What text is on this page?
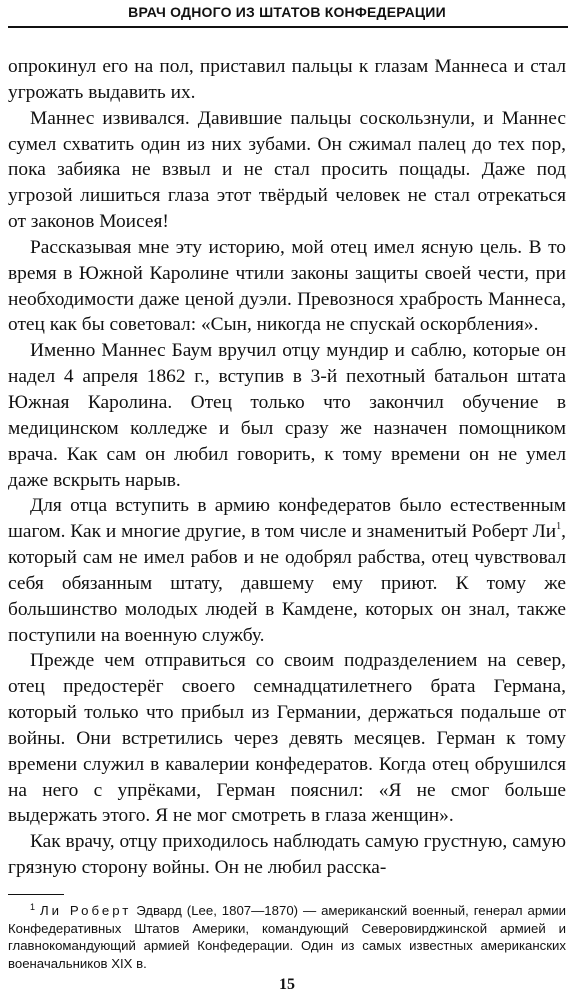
ВРАЧ ОДНОГО ИЗ ШТАТОВ КОНФЕДЕРАЦИИ

опрокинул его на пол, приставил пальцы к глазам Маннеса и стал угрожать выдавить их.

Маннес извивался. Давившие пальцы соскользнули, и Маннес сумел схватить один из них зубами. Он сжимал палец до тех пор, пока забияка не взвыл и не стал просить пощады. Даже под угрозой лишиться глаза этот твёрдый человек не стал отрекаться от законов Моисея!

Рассказывая мне эту историю, мой отец имел ясную цель. В то время в Южной Каролине чтили законы защиты своей чести, при необходимости даже ценой дуэли. Превознося храбрость Маннеса, отец как бы советовал: «Сын, никогда не спускай оскорбления».

Именно Маннес Баум вручил отцу мундир и саблю, которые он надел 4 апреля 1862 г., вступив в 3-й пехотный батальон штата Южная Каролина. Отец только что закончил обучение в медицинском колледже и был сразу же назначен помощником врача. Как сам он любил говорить, к тому времени он не умел даже вскрыть нарыв.

Для отца вступить в армию конфедератов было естественным шагом. Как и многие другие, в том числе и знаменитый Роберт $Ли^1$, который сам не имел рабов и не одобрял рабства, отец чувствовал себя обязанным штату, давшему ему приют. К тому же большинство молодых людей в Камдене, которых он знал, также поступили на военную службу.

Прежде чем отправиться со своим подразделением на север, отец предостерёг своего семнадцатилетнего брата Германа, который только что прибыл из Германии, держаться подальше от войны. Они встретились через девять месяцев. Герман к тому времени служил в кавалерии конфедератов. Когда отец обрушился на него с упрёками, Герман пояснил: «Я не смог больше выдержать этого. Я не мог смотреть в глаза женщин».

Как врачу, отцу приходилось наблюдать самую грустную, самую грязную сторону войны. Он не любил расска-

$^1$ Ли Роберт Эдвард (Lee, 1807—1870) — американский военный, генерал армии Конфедеративных Штатов Америки, командующий Северовирджинской армией и главнокомандующий армией Конфедерации. Один из самых известных американских военачальников XIX в.

15
